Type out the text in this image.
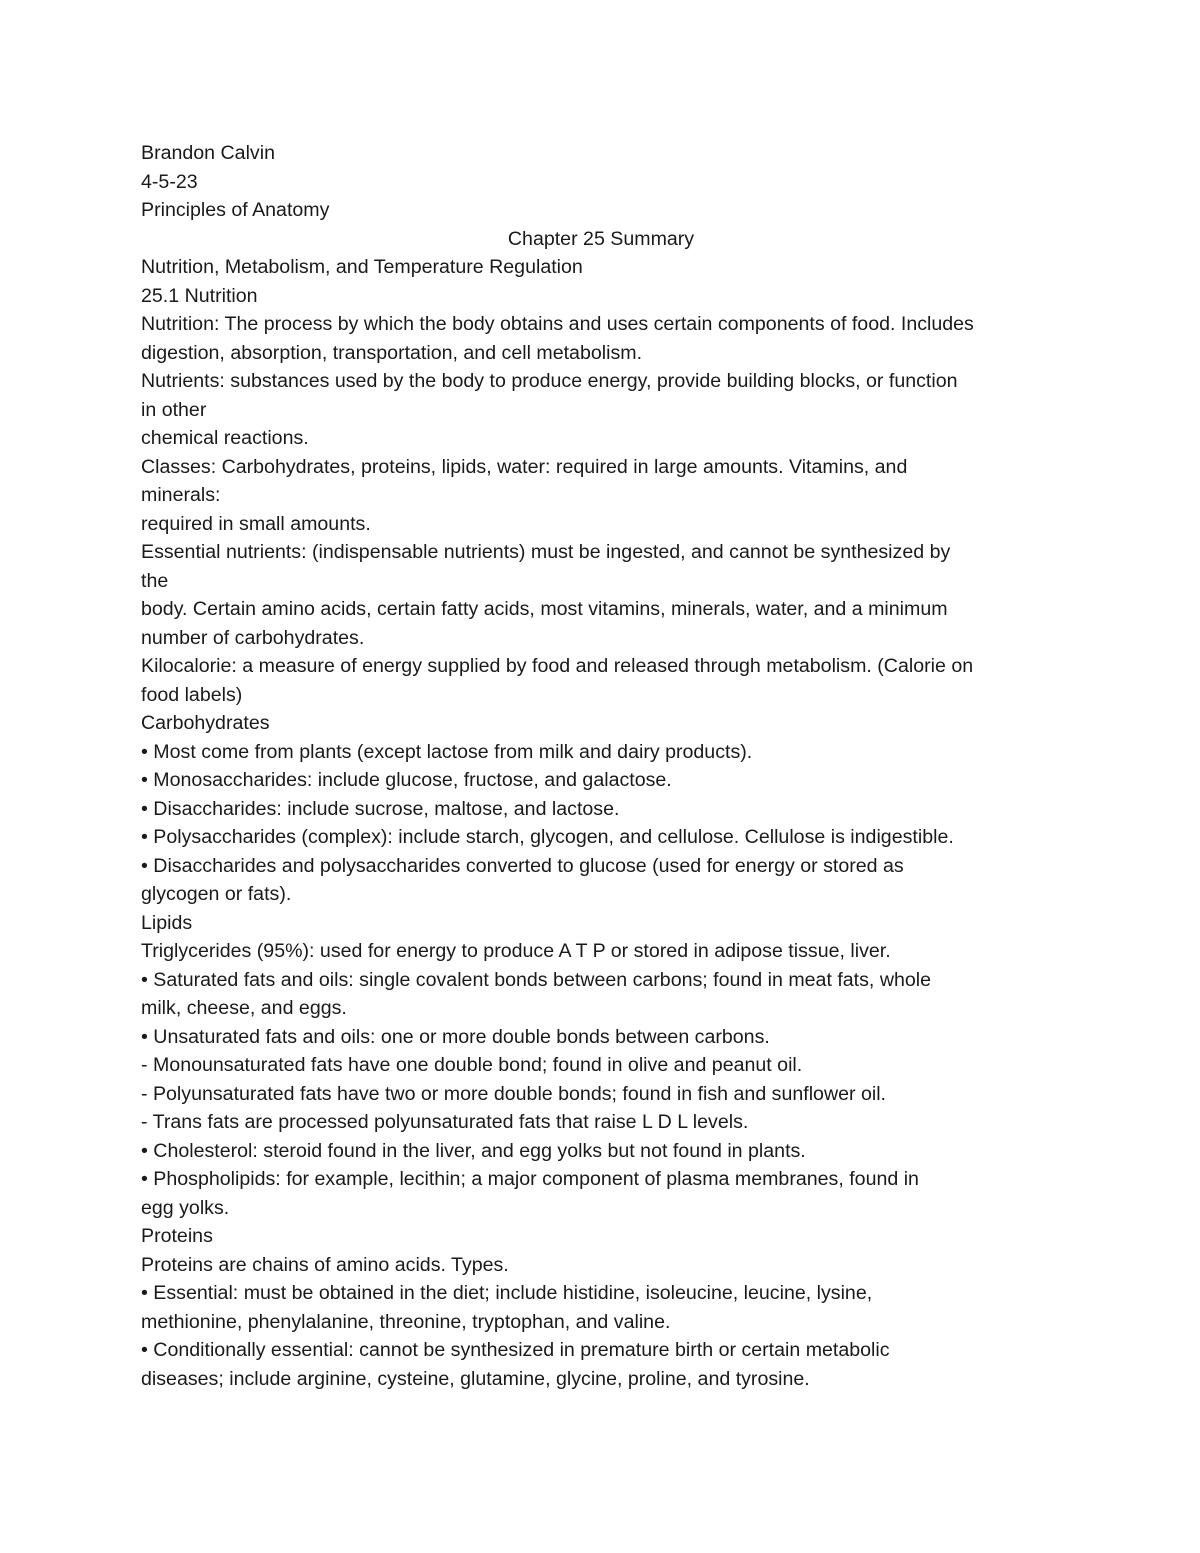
Brandon Calvin
4-5-23
Principles of Anatomy
Chapter 25 Summary
Nutrition, Metabolism, and Temperature Regulation
25.1 Nutrition
Nutrition: The process by which the body obtains and uses certain components of food. Includes
digestion, absorption, transportation, and cell metabolism.
Nutrients: substances used by the body to produce energy, provide building blocks, or function
in other
chemical reactions.
Classes: Carbohydrates, proteins, lipids, water: required in large amounts. Vitamins, and
minerals:
required in small amounts.
Essential nutrients: (indispensable nutrients) must be ingested, and cannot be synthesized by
the
body. Certain amino acids, certain fatty acids, most vitamins, minerals, water, and a minimum
number of carbohydrates.
Kilocalorie: a measure of energy supplied by food and released through metabolism. (Calorie on
food labels)
Carbohydrates
• Most come from plants (except lactose from milk and dairy products).
• Monosaccharides: include glucose, fructose, and galactose.
• Disaccharides: include sucrose, maltose, and lactose.
• Polysaccharides (complex): include starch, glycogen, and cellulose. Cellulose is indigestible.
• Disaccharides and polysaccharides converted to glucose (used for energy or stored as
glycogen or fats).
Lipids
Triglycerides (95%): used for energy to produce A T P or stored in adipose tissue, liver.
• Saturated fats and oils: single covalent bonds between carbons; found in meat fats, whole
milk, cheese, and eggs.
• Unsaturated fats and oils: one or more double bonds between carbons.
- Monounsaturated fats have one double bond; found in olive and peanut oil.
- Polyunsaturated fats have two or more double bonds; found in fish and sunflower oil.
- Trans fats are processed polyunsaturated fats that raise L D L levels.
• Cholesterol: steroid found in the liver, and egg yolks but not found in plants.
• Phospholipids: for example, lecithin; a major component of plasma membranes, found in
egg yolks.
Proteins
Proteins are chains of amino acids. Types.
• Essential: must be obtained in the diet; include histidine, isoleucine, leucine, lysine,
methionine, phenylalanine, threonine, tryptophan, and valine.
• Conditionally essential: cannot be synthesized in premature birth or certain metabolic
diseases; include arginine, cysteine, glutamine, glycine, proline, and tyrosine.
